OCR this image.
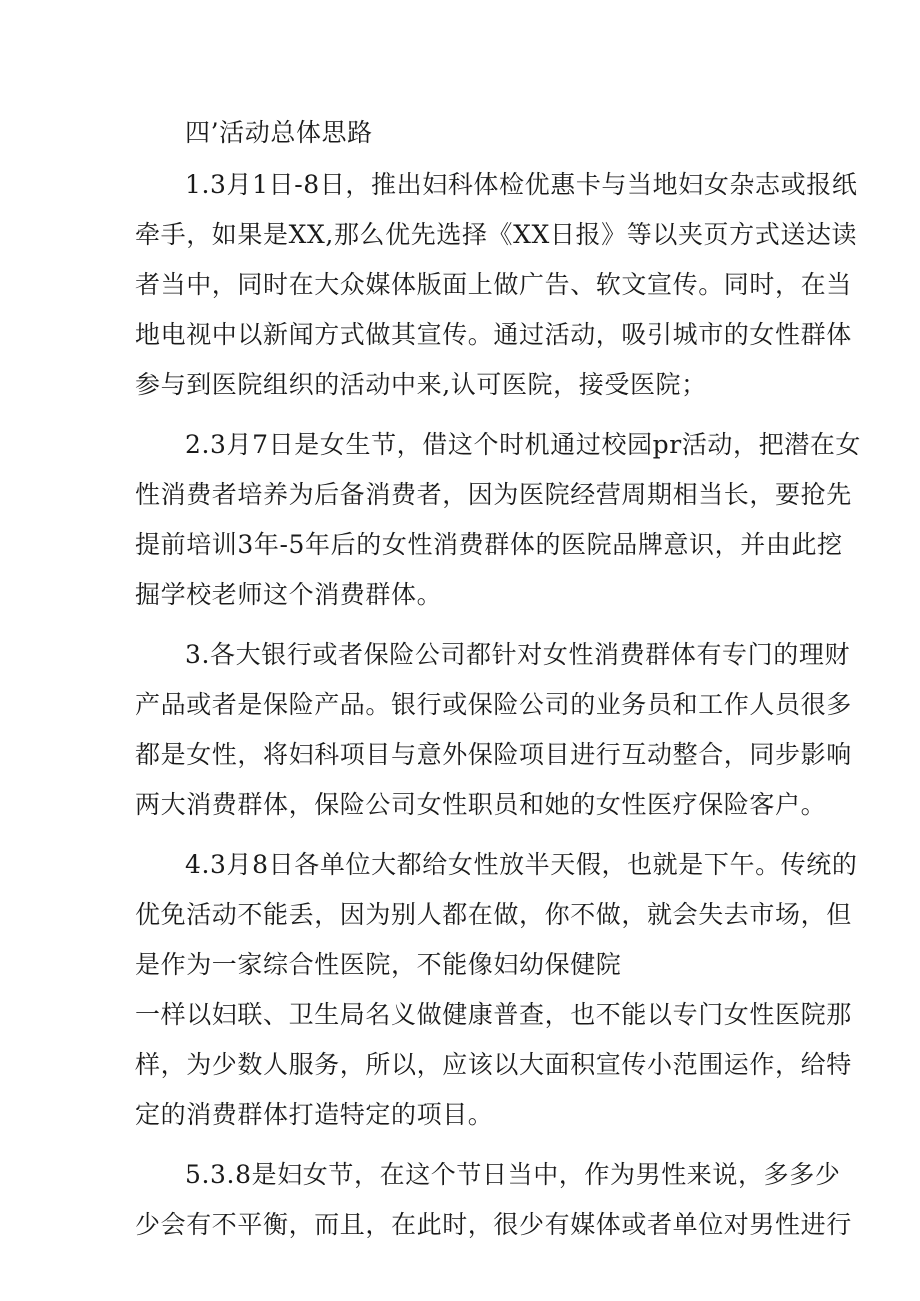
四’活动总体思路
1.3月1日-8日，推出妇科体检优惠卡与当地妇女杂志或报纸
牵手，如果是XX,那么优先选择《XX日报》等以夹页方式送达读
者当中，同时在大众媒体版面上做广告、软文宣传。同时，在当
地电视中以新闻方式做其宣传。通过活动，吸引城市的女性群体
参与到医院组织的活动中来,认可医院，接受医院；
2.3月7日是女生节，借这个时机通过校园pr活动，把潜在女
性消费者培养为后备消费者，因为医院经营周期相当长，要抢先
提前培训3年-5年后的女性消费群体的医院品牌意识，并由此挖
掘学校老师这个消费群体。
3.各大银行或者保险公司都针对女性消费群体有专门的理财
产品或者是保险产品。银行或保险公司的业务员和工作人员很多
都是女性，将妇科项目与意外保险项目进行互动整合，同步影响
两大消费群体，保险公司女性职员和她的女性医疗保险客户。
4.3月8日各单位大都给女性放半天假，也就是下午。传统的
优免活动不能丢，因为别人都在做，你不做，就会失去市场，但
是作为一家综合性医院，不能像妇幼保健院
一样以妇联、卫生局名义做健康普查，也不能以专门女性医院那
样，为少数人服务，所以，应该以大面积宣传小范围运作，给特
定的消费群体打造特定的项目。
5.3.8是妇女节，在这个节日当中，作为男性来说，多多少
少会有不平衡，而且，在此时，很少有媒体或者单位对男性进行
